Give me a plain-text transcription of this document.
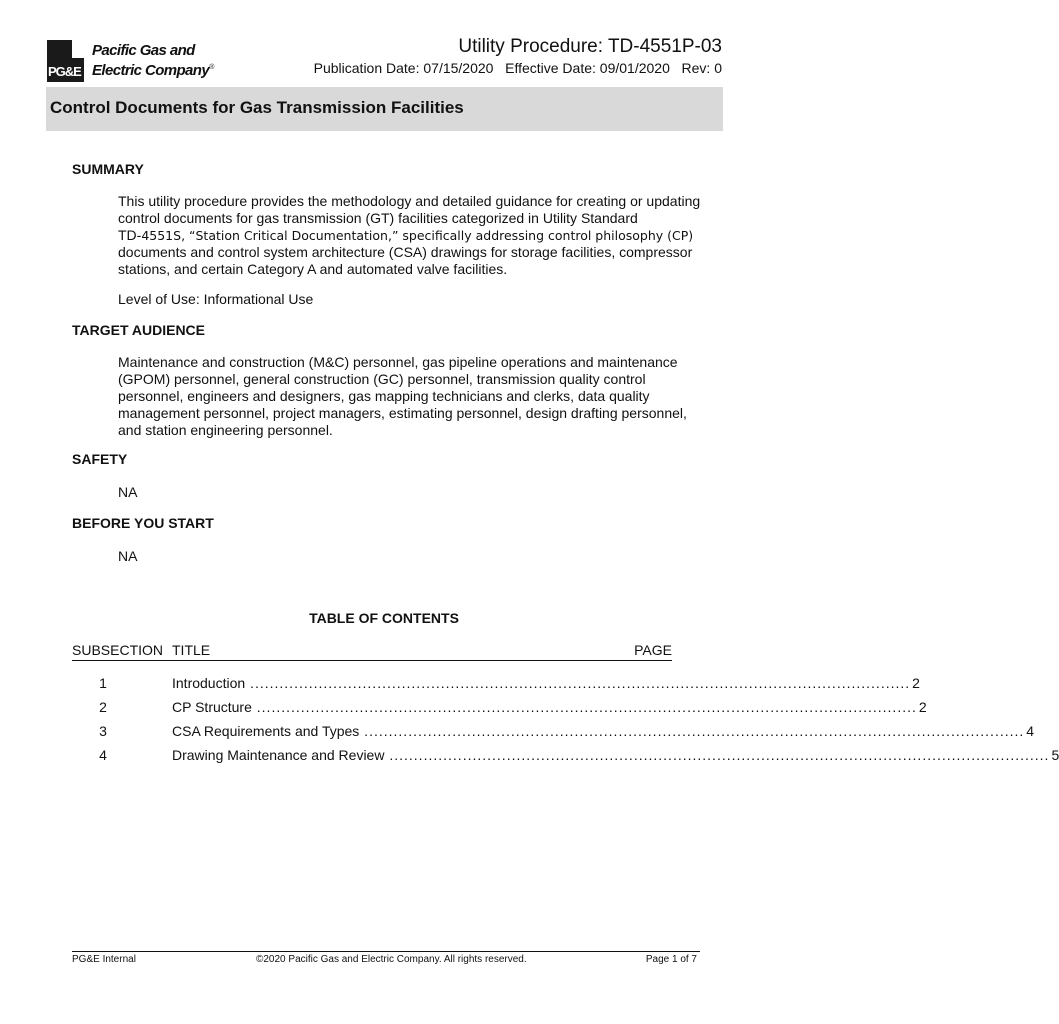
PG&E
Pacific Gas and
Electric Company®
Utility Procedure: TD-4551P-03
Publication Date: 07/15/2020   Effective Date: 09/01/2020   Rev: 0
Control Documents for Gas Transmission Facilities
SUMMARY
This utility procedure provides the methodology and detailed guidance for creating or updating
control documents for gas transmission (GT) facilities categorized in Utility Standard
TD-4551S, “Station Critical Documentation,” specifically addressing control philosophy (CP)
documents and control system architecture (CSA) drawings for storage facilities, compressor
stations, and certain Category A and automated valve facilities.
Level of Use: Informational Use
TARGET AUDIENCE
Maintenance and construction (M&C) personnel, gas pipeline operations and maintenance
(GPOM) personnel, general construction (GC) personnel, transmission quality control
personnel, engineers and designers, gas mapping technicians and clerks, data quality
management personnel, project managers, estimating personnel, design drafting personnel,
and station engineering personnel.
SAFETY
NA
BEFORE YOU START
NA
TABLE OF CONTENTS
SUBSECTION TITLE	PAGE
1	Introduction ....................................................................................................................................... 2
2	CP Structure ....................................................................................................................................... 2
3	CSA Requirements and Types ....................................................................................................................................... 4
4	Drawing Maintenance and Review ....................................................................................................................................... 5
PG&E Internal	©2020 Pacific Gas and Electric Company. All rights reserved.	Page 1 of 7
